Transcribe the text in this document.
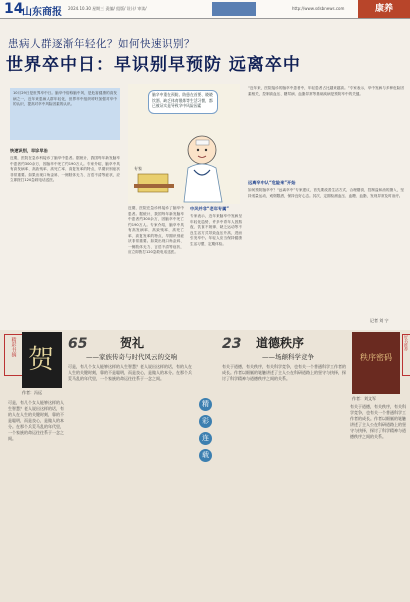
14
山东商报 2024.10.30 星期三 责编/ 组版/ 设计/ 审读/	http://www.sdsbnews.com	康养
患病人群逐渐年轻化？如何快速识别？
世界卒中日：早识别早预防 远离卒中
10月29日是世界卒中日。脑卒中俗称脑中风，是危害健康的高发病之一，近年来患病人群年轻化，世界卒中组织呼吁加强对卒中的认识，提高对卒中风险因素的认识。
脑卒中重在预防。防患在首要、晓晓饮酒、缺乏体育锻炼等生活习惯，都已被证实是导致卒中风险因素
专家
快速识别，早诊早治
近期，医院在急诊科接诊了脑卒中患者。据统计，我国每年新发脑卒中患者约300余万，因脑卒中死亡约190万人。专家介绍，脑卒中具有高发病率、高致残率、高死亡率、高复发率的特点，早期识别症状非常重要。如果出现口角歪斜、一侧肢体无力、言语不清等症状，应立即拨打120急救电话送医。
近期，医院在急诊科接诊了脑卒中患者。据统计，我国每年新发脑卒中患者约300余万，因脑卒中死亡约190万人。专家介绍，脑卒中具有高发病率、高致残率、高死亡率、高复发率的特点，早期识别症状非常重要。如果出现口角歪斜、一侧肢体无力、言语不清等症状，应立即拨打120急救电话送医。
中风并非“老年专属”
专家表示，近年来脑卒中发病呈年轻化趋势，许多中青年人因熬夜、饮食不规律、缺乏运动等不良生活方式导致血压升高，进而引发卒中。年轻人应当保持健康生活习惯，定期体检。
“近年来，医院接诊的脑卒中患者中，年轻患者占比越来越高。”专家表示，卒中发病与多种危险因素相关，控制高血压、糖尿病、血脂异常等基础疾病是预防卒中的关键。
远离卒中认“危险来”开始
如何预防脑卒中？“远离卒中”专家建议，首先要改善生活方式，合理膳食，控制盐和油的摄入，坚持适量运动，戒烟限酒，保持良好心态。其次，定期检测血压、血糖、血脂，发现异常及时治疗。
记者 刘 宁
精彩书摘 贺
作者：冯远
65	贺礼
——家族传奇与时代风云的交响
可是，有几个女人能够这样的人生智慧？老人说出这样的话，有的人在人生的关键时刻，靠的不是聪明，而是良心，是做人的本分。在那个兵荒马乱的年代里，一个家族的命运往往系于一念之间。
可是，有几个女人能够这样的人生智慧？老人说出这样的话，有的人在人生的关键时刻，靠的不是聪明，而是良心，是做人的本分。在那个兵荒马乱的年代里，一个家族的命运往往系于一念之间。
精
彩
连
载
23 道德秩序
——场颠科学竞争	秩序密码
好书推荐
作者：刘文军
有关于道德，有关秩序，有关科学竞争，也有关一个普通科学工作者的成长。作者以细腻的笔触讲述了主人公在科研道路上的坚守与抉择，探讨了科学精神与道德秩序之间的关系。
有关于道德，有关秩序，有关科学竞争，也有关一个普通科学工作者的成长。作者以细腻的笔触讲述了主人公在科研道路上的坚守与抉择，探讨了科学精神与道德秩序之间的关系。
